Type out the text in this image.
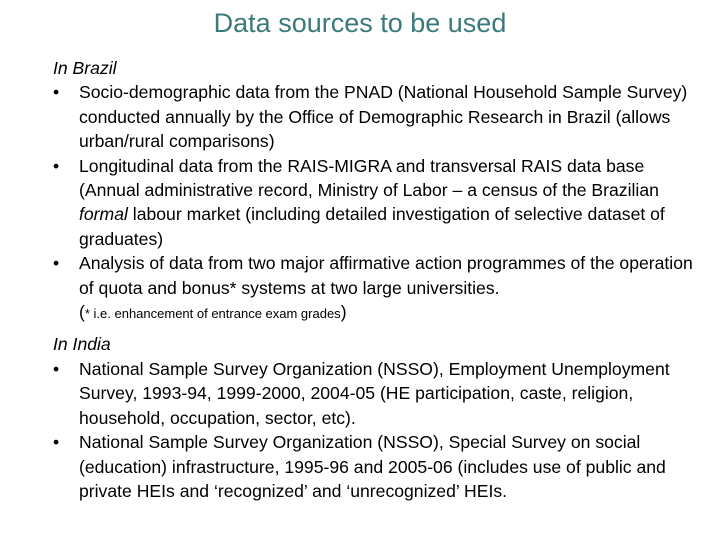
Data sources to be used

In Brazil

• Socio-demographic data from the PNAD (National Household Sample Survey) conducted annually by the Office of Demographic Research in Brazil (allows urban/rural comparisons)
• Longitudinal data from the RAIS-MIGRA and transversal RAIS data base (Annual administrative record, Ministry of Labor – a census of the Brazilian formal labour market (including detailed investigation of selective dataset of graduates)
• Analysis of data from two major affirmative action programmes of the operation of quota and bonus* systems at two large universities.
(* i.e. enhancement of entrance exam grades)

In India

• National Sample Survey Organization (NSSO), Employment Unemployment Survey, 1993-94, 1999-2000, 2004-05 (HE participation, caste, religion, household, occupation, sector, etc).
• National Sample Survey Organization (NSSO), Special Survey on social (education) infrastructure, 1995-96 and 2005-06 (includes use of public and private HEIs and ‘recognized’ and ‘unrecognized’ HEIs.
